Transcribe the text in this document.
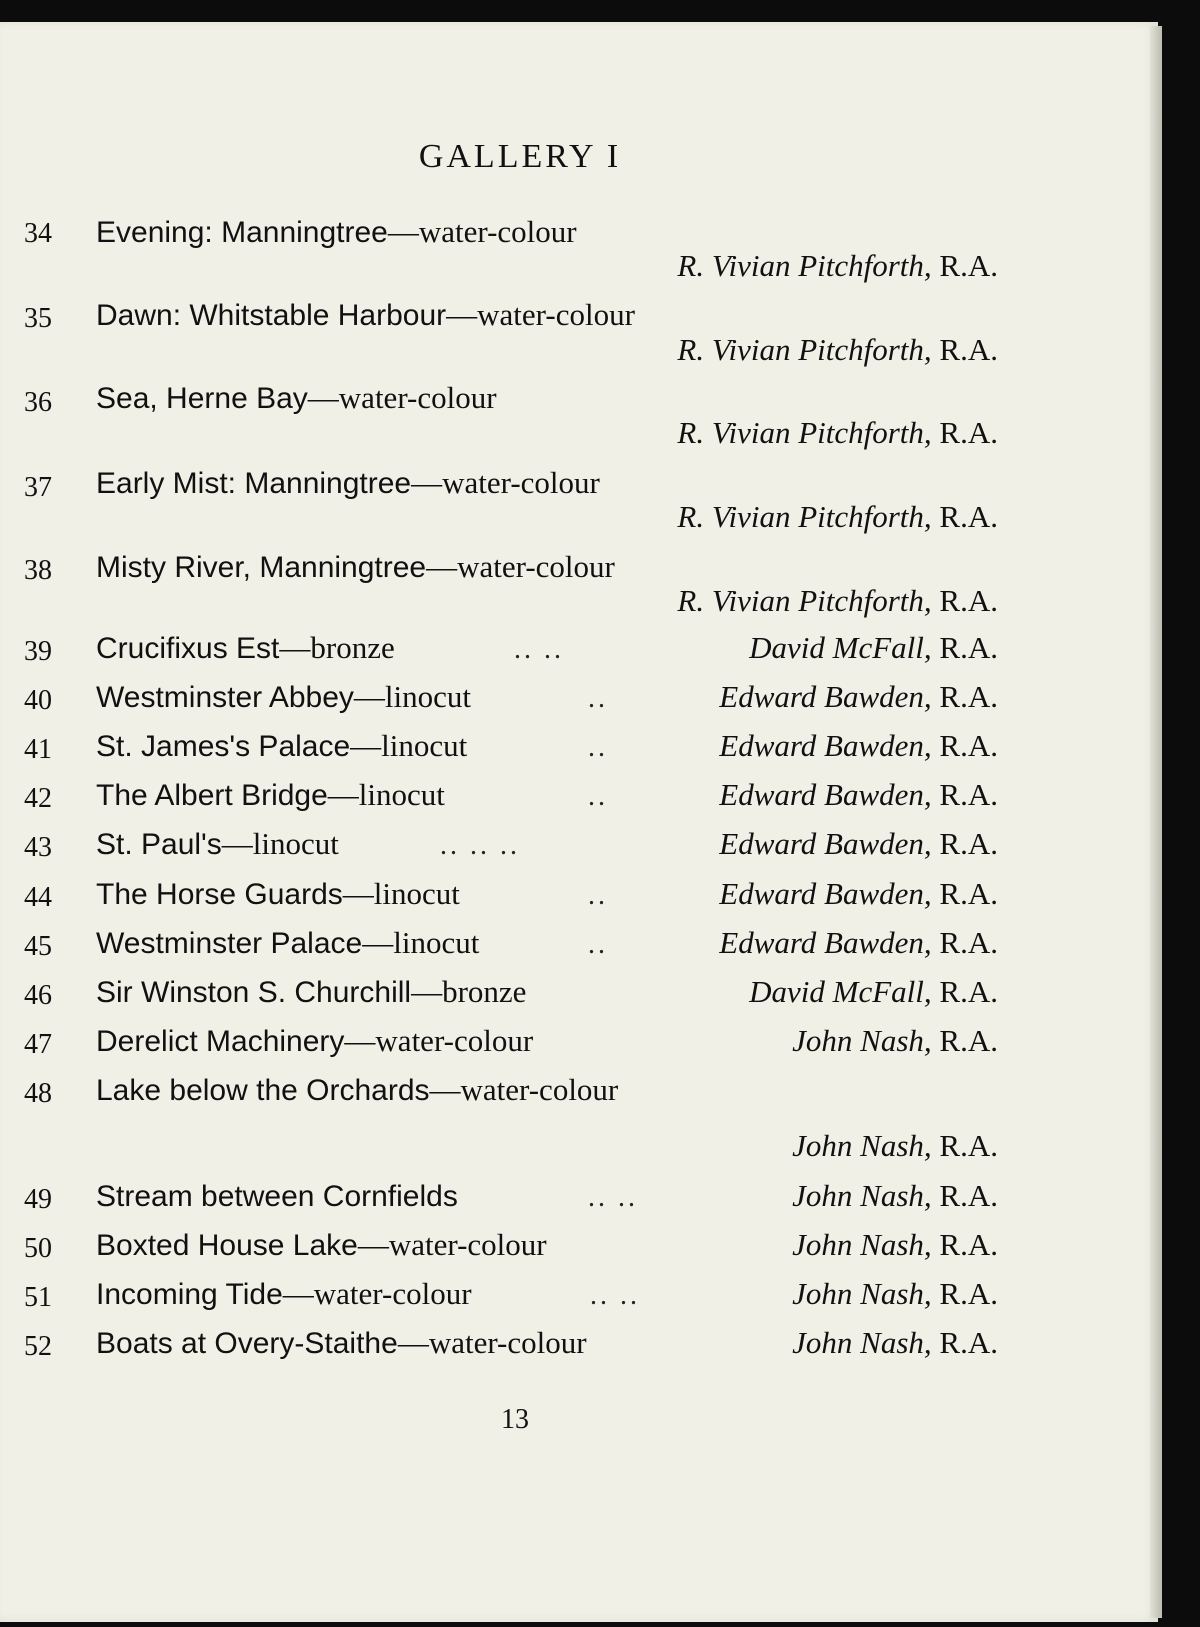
GALLERY I
34	Evening: Manningtree—water-colour
R. Vivian Pitchforth, R.A.
35	Dawn: Whitstable Harbour—water-colour
R. Vivian Pitchforth, R.A.
36	Sea, Herne Bay—water-colour
R. Vivian Pitchforth, R.A.
37	Early Mist: Manningtree—water-colour
R. Vivian Pitchforth, R.A.
38	Misty River, Manningtree—water-colour
R. Vivian Pitchforth, R.A.
39	Crucifixus Est—bronze	.. ..	David McFall, R.A.
40	Westminster Abbey—linocut	..	Edward Bawden, R.A.
41	St. James's Palace—linocut	..	Edward Bawden, R.A.
42	The Albert Bridge—linocut	..	Edward Bawden, R.A.
43	St. Paul's—linocut	.. .. ..	Edward Bawden, R.A.
44	The Horse Guards—linocut	..	Edward Bawden, R.A.
45	Westminster Palace—linocut	..	Edward Bawden, R.A.
46	Sir Winston S. Churchill—bronze	David McFall, R.A.
47	Derelict Machinery—water-colour	John Nash, R.A.
48	Lake below the Orchards—water-colour
John Nash, R.A.
49	Stream between Cornfields	.. ..	John Nash, R.A.
50	Boxted House Lake—water-colour	John Nash, R.A.
51	Incoming Tide—water-colour	.. ..	John Nash, R.A.
52	Boats at Overy-Staithe—water-colour	John Nash, R.A.
13
